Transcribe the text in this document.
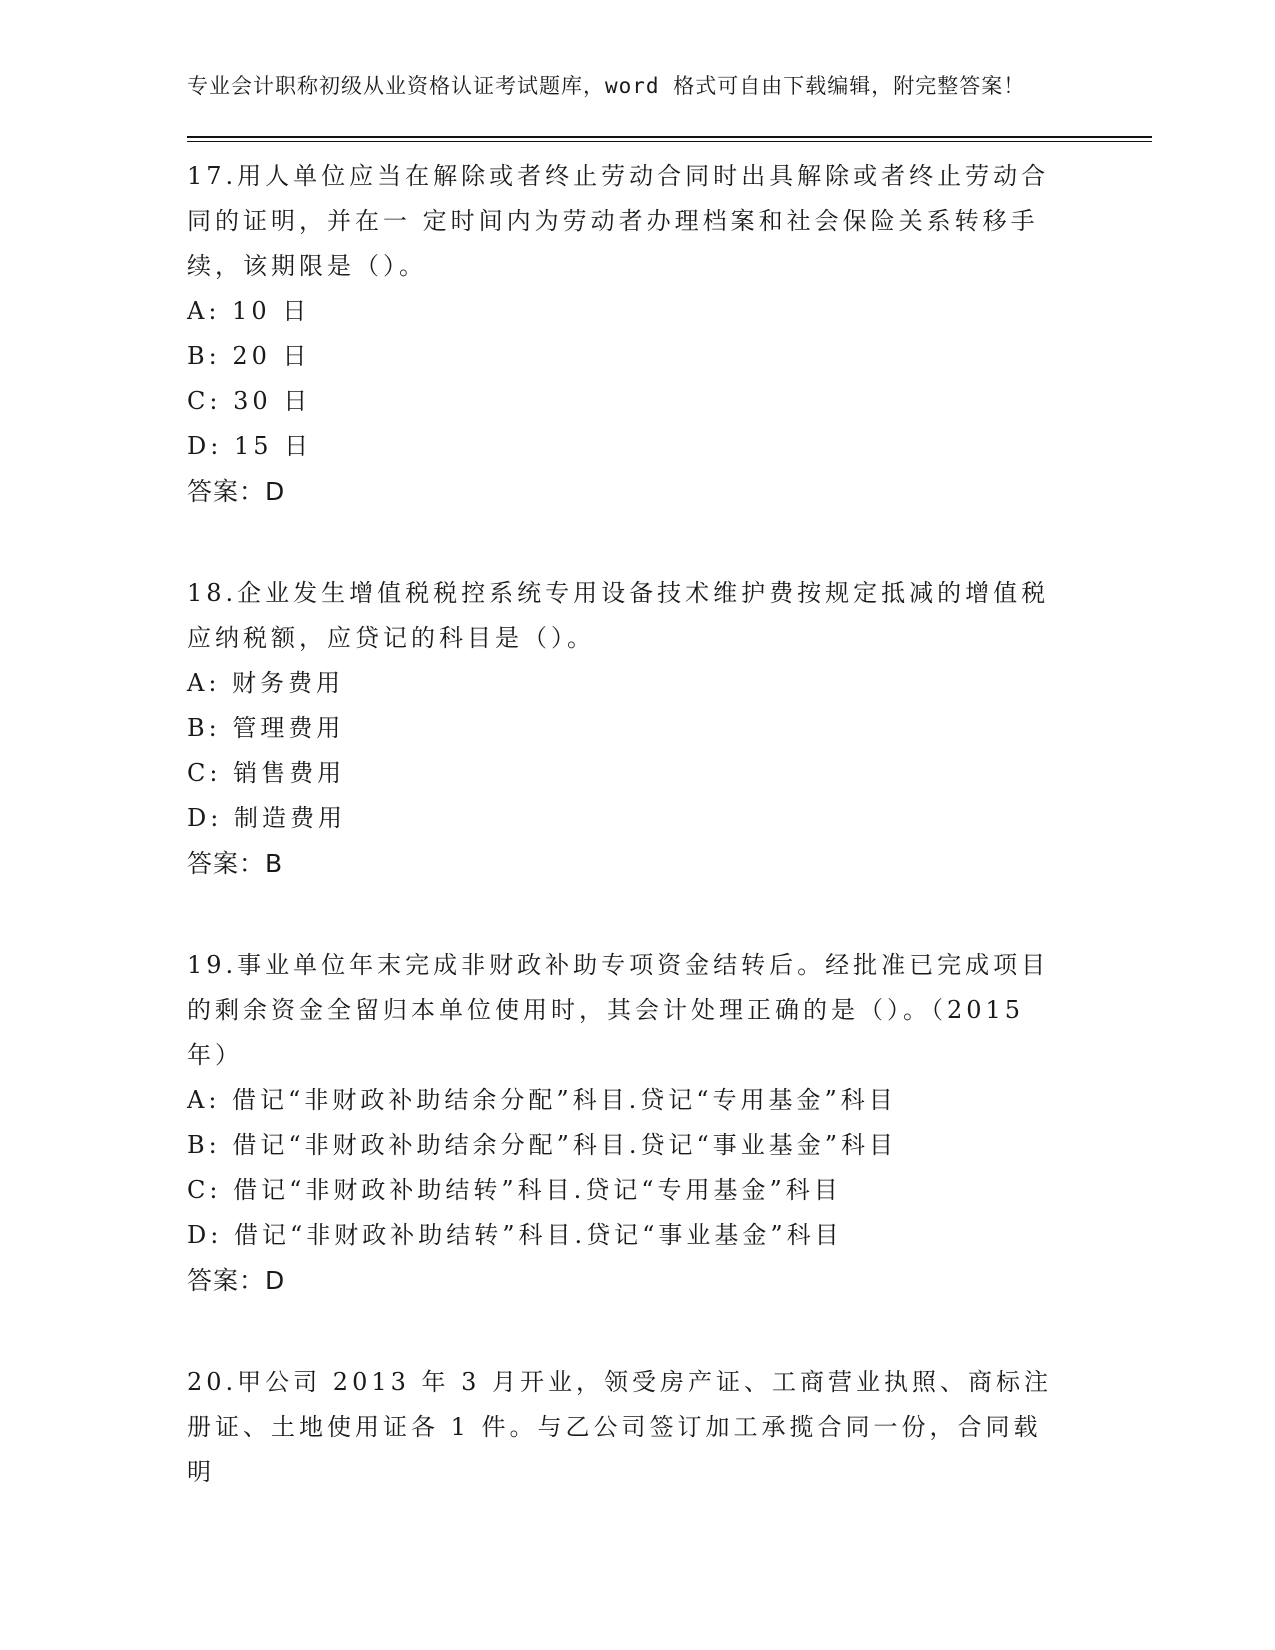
专业会计职称初级从业资格认证考试题库，word 格式可自由下载编辑，附完整答案！

17.用人单位应当在解除或者终止劳动合同时出具解除或者终止劳动合同的证明，并在一 定时间内为劳动者办理档案和社会保险关系转移手续，该期限是（）。

A: 10 日

B: 20 日

C: 30 日

D: 15 日

答案：D

18.企业发生增值税税控系统专用设备技术维护费按规定抵减的增值税应纳税额，应贷记的科目是（）。

A: 财务费用

B: 管理费用

C: 销售费用

D: 制造费用

答案：B

19.事业单位年末完成非财政补助专项资金结转后。经批准已完成项目的剩余资金全留归本单位使用时，其会计处理正确的是（）。（2015 年）

A: 借记“非财政补助结余分配”科目.贷记“专用基金”科目

B: 借记“非财政补助结余分配”科目.贷记“事业基金”科目

C: 借记“非财政补助结转”科目.贷记“专用基金”科目

D: 借记“非财政补助结转”科目.贷记“事业基金”科目

答案：D

20.甲公司 2013 年 3 月开业，领受房产证、工商营业执照、商标注册证、土地使用证各 1 件。与乙公司签订加工承揽合同一份，合同载明
